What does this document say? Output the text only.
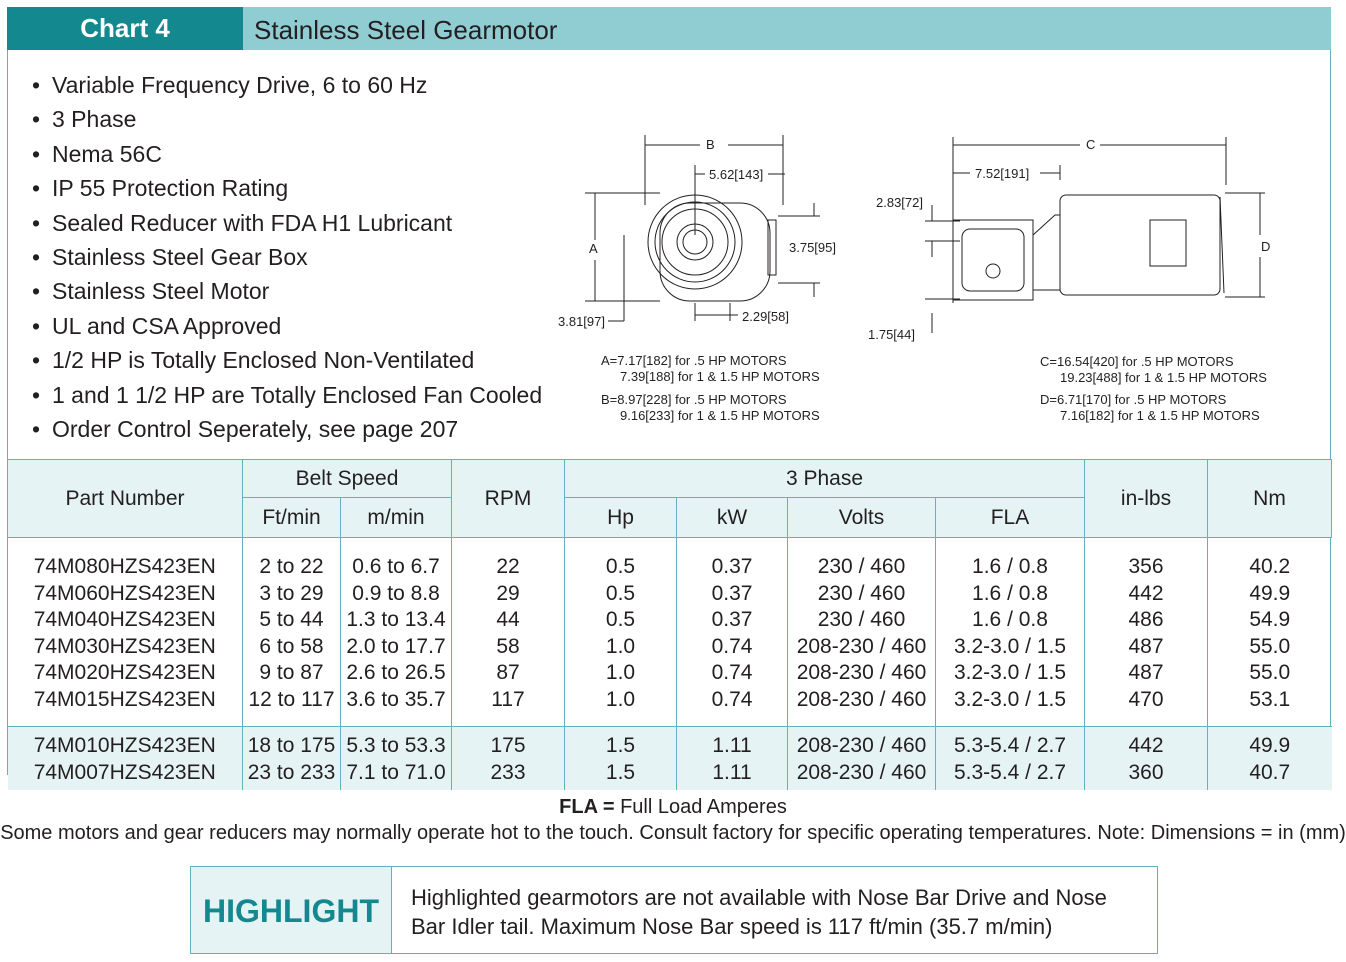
Chart 4	Stainless Steel Gearmotor
• Variable Frequency Drive, 6 to 60 Hz
• 3 Phase
• Nema 56C
• IP 55 Protection Rating
• Sealed Reducer with FDA H1 Lubricant
• Stainless Steel Gear Box
• Stainless Steel Motor
• UL and CSA Approved
• 1/2 HP is Totally Enclosed Non-Ventilated
• 1 and 1 1/2 HP are Totally Enclosed Fan Cooled
• Order Control Seperately, see page 207
B
5.62[143]
3.75[95]
A
3.81[97]	2.29[58]
C
7.52[191]
2.83[72]
D
1.75[44]
A=7.17[182] for .5 HP MOTORS
7.39[188] for 1 & 1.5 HP MOTORS
B=8.97[228] for .5 HP MOTORS
9.16[233] for 1 & 1.5 HP MOTORS
C=16.54[420] for .5 HP MOTORS
19.23[488] for 1 & 1.5 HP MOTORS
D=6.71[170] for .5 HP MOTORS
7.16[182] for 1 & 1.5 HP MOTORS
Part Number	Belt Speed		RPM	3 Phase				in-lbs	Nm
	Ft/min	m/min		Hp	kW	Volts	FLA		

74M080HZS423EN	2 to 22	0.6 to 6.7	22	0.5	0.37	230 / 460	1.6 / 0.8	356	40.2
74M060HZS423EN	3 to 29	0.9 to 8.8	29	0.5	0.37	230 / 460	1.6 / 0.8	442	49.9
74M040HZS423EN	5 to 44	1.3 to 13.4	44	0.5	0.37	230 / 460	1.6 / 0.8	486	54.9
74M030HZS423EN	6 to 58	2.0 to 17.7	58	1.0	0.74	208-230 / 460	3.2-3.0 / 1.5	487	55.0
74M020HZS423EN	9 to 87	2.6 to 26.5	87	1.0	0.74	208-230 / 460	3.2-3.0 / 1.5	487	55.0
74M015HZS423EN	12 to 117	3.6 to 35.7	117	1.0	0.74	208-230 / 460	3.2-3.0 / 1.5	470	53.1

74M010HZS423EN	18 to 175	5.3 to 53.3	175	1.5	1.11	208-230 / 460	5.3-5.4 / 2.7	442	49.9
74M007HZS423EN	23 to 233	7.1 to 71.0	233	1.5	1.11	208-230 / 460	5.3-5.4 / 2.7	360	40.7

FLA = Full Load Amperes
Some motors and gear reducers may normally operate hot to the touch. Consult factory for specific operating temperatures. Note: Dimensions = in (mm)
HIGHLIGHT	Highlighted gearmotors are not available with Nose Bar Drive and Nose Bar Idler tail. Maximum Nose Bar speed is 117 ft/min (35.7 m/min)
